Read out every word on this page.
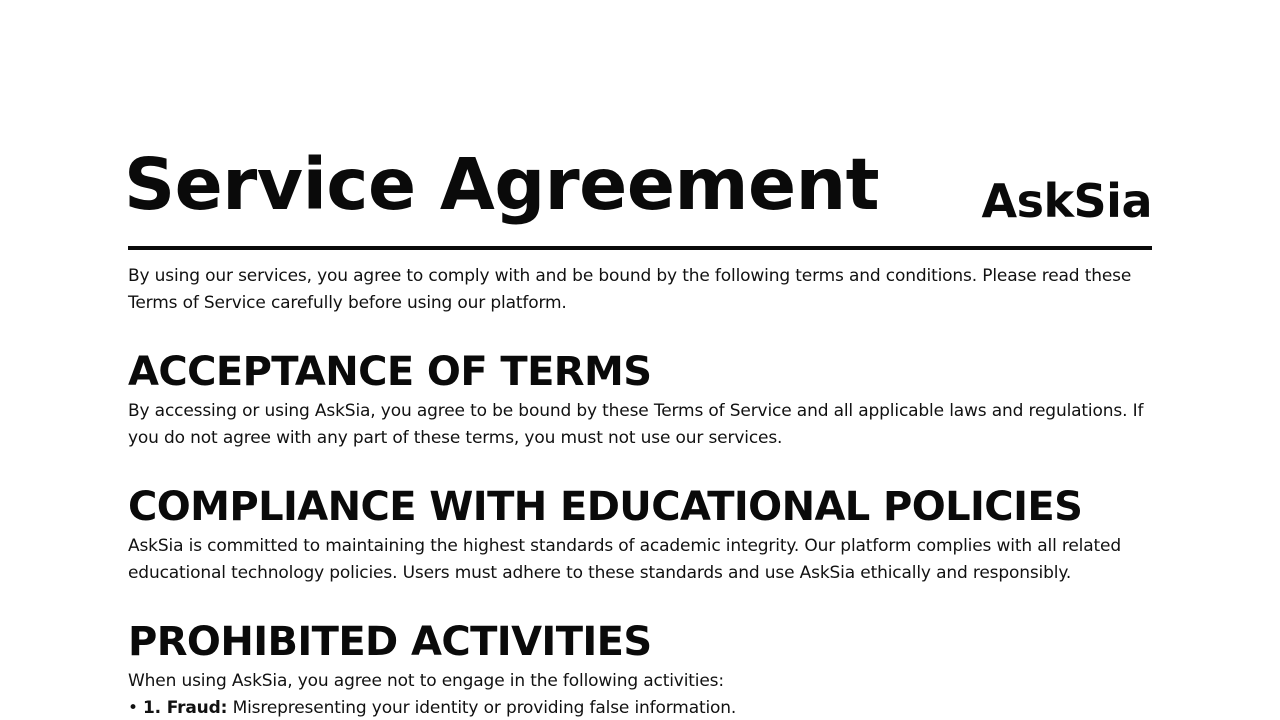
Service Agreement AskSia

By using our services, you agree to comply with and be bound by the following terms and conditions. Please read these Terms of Service carefully before using our platform.

ACCEPTANCE OF TERMS

By accessing or using AskSia, you agree to be bound by these Terms of Service and all applicable laws and regulations. If you do not agree with any part of these terms, you must not use our services.

COMPLIANCE WITH EDUCATIONAL POLICIES

AskSia is committed to maintaining the highest standards of academic integrity. Our platform complies with all related educational technology policies. Users must adhere to these standards and use AskSia ethically and responsibly.

PROHIBITED ACTIVITIES

When using AskSia, you agree not to engage in the following activities:

• 1. Fraud: Misrepresenting your identity or providing false information.
